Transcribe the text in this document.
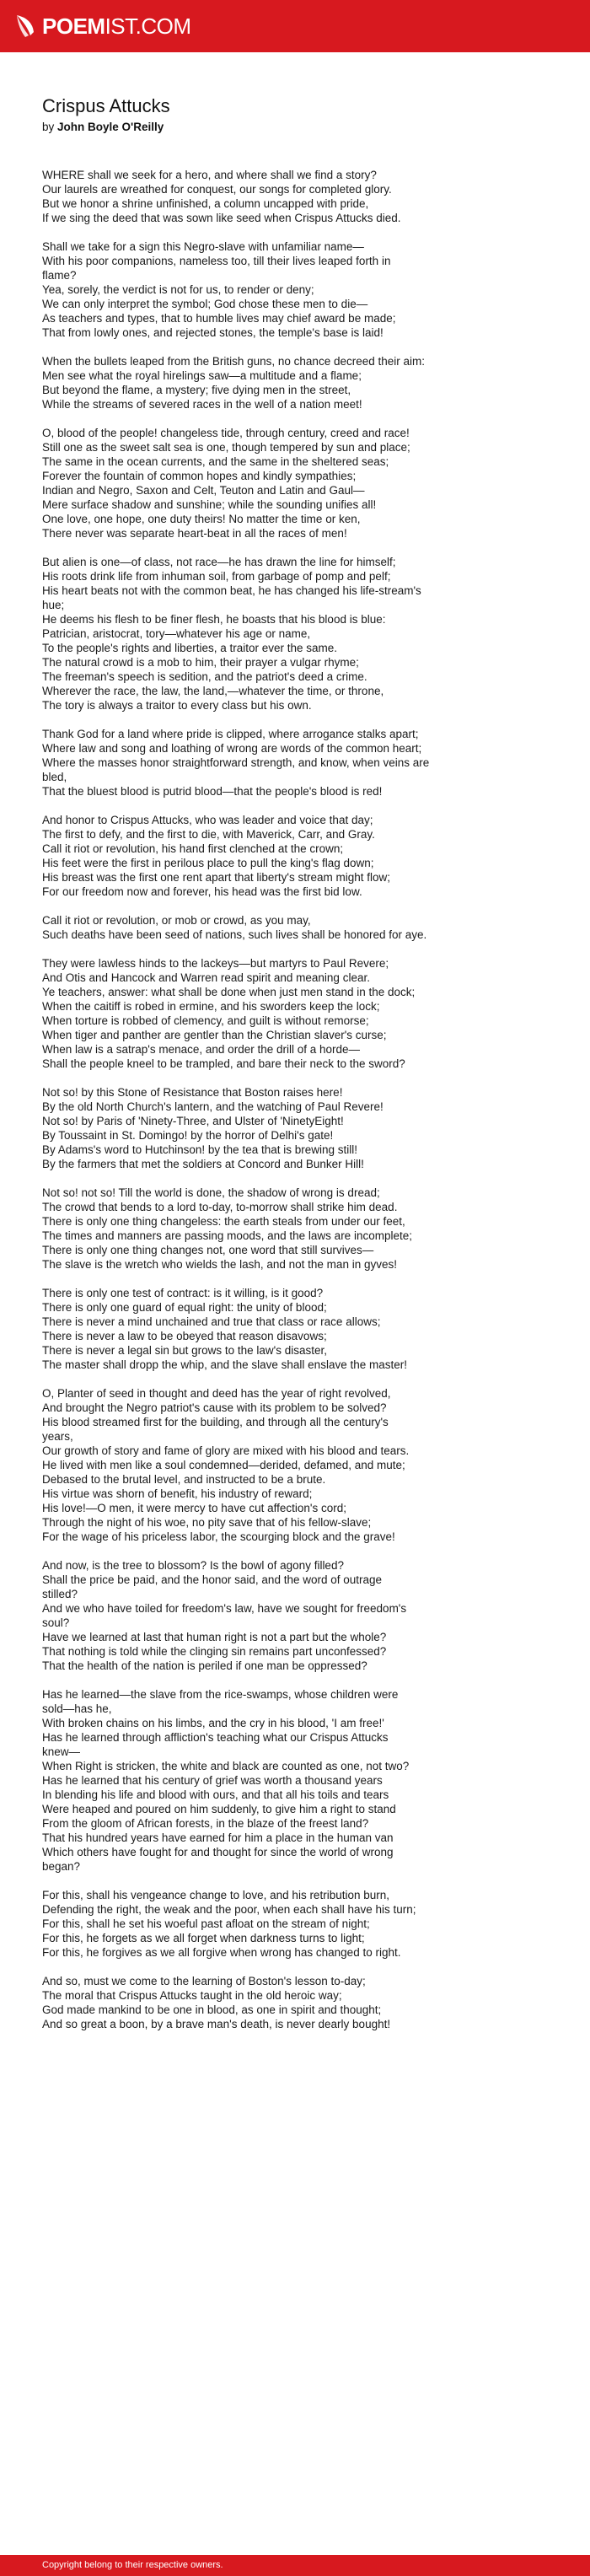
POEM IST.COM
Crispus Attucks
by John Boyle O'Reilly
WHERE shall we seek for a hero, and where shall we find a story?
Our laurels are wreathed for conquest, our songs for completed glory.
But we honor a shrine unfinished, a column uncapped with pride,
If we sing the deed that was sown like seed when Crispus Attucks died.
Shall we take for a sign this Negro-slave with unfamiliar name—
With his poor companions, nameless too, till their lives leaped forth in
flame?
Yea, sorely, the verdict is not for us, to render or deny;
We can only interpret the symbol; God chose these men to die—
As teachers and types, that to humble lives may chief award be made;
That from lowly ones, and rejected stones, the temple's base is laid!
When the bullets leaped from the British guns, no chance decreed their aim:
Men see what the royal hirelings saw—a multitude and a flame;
But beyond the flame, a mystery; five dying men in the street,
While the streams of severed races in the well of a nation meet!
O, blood of the people! changeless tide, through century, creed and race!
Still one as the sweet salt sea is one, though tempered by sun and place;
The same in the ocean currents, and the same in the sheltered seas;
Forever the fountain of common hopes and kindly sympathies;
Indian and Negro, Saxon and Celt, Teuton and Latin and Gaul—
Mere surface shadow and sunshine; while the sounding unifies all!
One love, one hope, one duty theirs! No matter the time or ken,
There never was separate heart-beat in all the races of men!
But alien is one—of class, not race—he has drawn the line for himself;
His roots drink life from inhuman soil, from garbage of pomp and pelf;
His heart beats not with the common beat, he has changed his life-stream's
hue;
He deems his flesh to be finer flesh, he boasts that his blood is blue:
Patrician, aristocrat, tory—whatever his age or name,
To the people's rights and liberties, a traitor ever the same.
The natural crowd is a mob to him, their prayer a vulgar rhyme;
The freeman's speech is sedition, and the patriot's deed a crime.
Wherever the race, the law, the land,—whatever the time, or throne,
The tory is always a traitor to every class but his own.
Thank God for a land where pride is clipped, where arrogance stalks apart;
Where law and song and loathing of wrong are words of the common heart;
Where the masses honor straightforward strength, and know, when veins are
bled,
That the bluest blood is putrid blood—that the people's blood is red!
And honor to Crispus Attucks, who was leader and voice that day;
The first to defy, and the first to die, with Maverick, Carr, and Gray.
Call it riot or revolution, his hand first clenched at the crown;
His feet were the first in perilous place to pull the king's flag down;
His breast was the first one rent apart that liberty's stream might flow;
For our freedom now and forever, his head was the first bid low.
Call it riot or revolution, or mob or crowd, as you may,
Such deaths have been seed of nations, such lives shall be honored for aye.
They were lawless hinds to the lackeys—but martyrs to Paul Revere;
And Otis and Hancock and Warren read spirit and meaning clear.
Ye teachers, answer: what shall be done when just men stand in the dock;
When the caitiff is robed in ermine, and his sworders keep the lock;
When torture is robbed of clemency, and guilt is without remorse;
When tiger and panther are gentler than the Christian slaver's curse;
When law is a satrap's menace, and order the drill of a horde—
Shall the people kneel to be trampled, and bare their neck to the sword?
Not so! by this Stone of Resistance that Boston raises here!
By the old North Church's lantern, and the watching of Paul Revere!
Not so! by Paris of 'Ninety-Three, and Ulster of 'NinetyEight!
By Toussaint in St. Domingo! by the horror of Delhi's gate!
By Adams's word to Hutchinson! by the tea that is brewing still!
By the farmers that met the soldiers at Concord and Bunker Hill!
Not so! not so! Till the world is done, the shadow of wrong is dread;
The crowd that bends to a lord to-day, to-morrow shall strike him dead.
There is only one thing changeless: the earth steals from under our feet,
The times and manners are passing moods, and the laws are incomplete;
There is only one thing changes not, one word that still survives—
The slave is the wretch who wields the lash, and not the man in gyves!
There is only one test of contract: is it willing, is it good?
There is only one guard of equal right: the unity of blood;
There is never a mind unchained and true that class or race allows;
There is never a law to be obeyed that reason disavows;
There is never a legal sin but grows to the law's disaster,
The master shall dropp the whip, and the slave shall enslave the master!
O, Planter of seed in thought and deed has the year of right revolved,
And brought the Negro patriot's cause with its problem to be solved?
His blood streamed first for the building, and through all the century's
years,
Our growth of story and fame of glory are mixed with his blood and tears.
He lived with men like a soul condemned—derided, defamed, and mute;
Debased to the brutal level, and instructed to be a brute.
His virtue was shorn of benefit, his industry of reward;
His love!—O men, it were mercy to have cut affection's cord;
Through the night of his woe, no pity save that of his fellow-slave;
For the wage of his priceless labor, the scourging block and the grave!
And now, is the tree to blossom? Is the bowl of agony filled?
Shall the price be paid, and the honor said, and the word of outrage
stilled?
And we who have toiled for freedom's law, have we sought for freedom's
soul?
Have we learned at last that human right is not a part but the whole?
That nothing is told while the clinging sin remains part unconfessed?
That the health of the nation is periled if one man be oppressed?
Has he learned—the slave from the rice-swamps, whose children were
sold—has he,
With broken chains on his limbs, and the cry in his blood, 'I am free!'
Has he learned through affliction's teaching what our Crispus Attucks
knew—
When Right is stricken, the white and black are counted as one, not two?
Has he learned that his century of grief was worth a thousand years
In blending his life and blood with ours, and that all his toils and tears
Were heaped and poured on him suddenly, to give him a right to stand
From the gloom of African forests, in the blaze of the freest land?
That his hundred years have earned for him a place in the human van
Which others have fought for and thought for since the world of wrong
began?
For this, shall his vengeance change to love, and his retribution burn,
Defending the right, the weak and the poor, when each shall have his turn;
For this, shall he set his woeful past afloat on the stream of night;
For this, he forgets as we all forget when darkness turns to light;
For this, he forgives as we all forgive when wrong has changed to right.
And so, must we come to the learning of Boston's lesson to-day;
The moral that Crispus Attucks taught in the old heroic way;
God made mankind to be one in blood, as one in spirit and thought;
And so great a boon, by a brave man's death, is never dearly bought!
Copyright belong to their respective owners.
